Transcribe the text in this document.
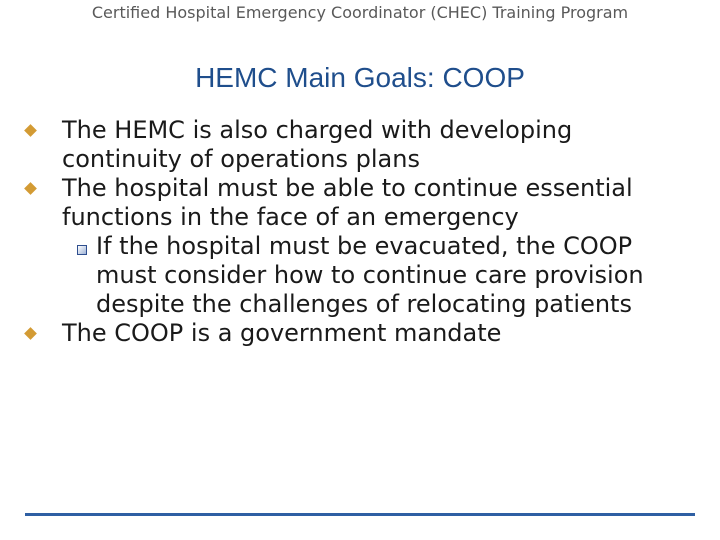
Certified Hospital Emergency Coordinator (CHEC) Training Program
HEMC Main Goals: COOP
The HEMC is also charged with developing continuity of operations plans
The hospital must be able to continue essential functions in the face of an emergency
If the hospital must be evacuated, the COOP must consider how to continue care provision despite the challenges of relocating patients
The COOP is a government mandate
